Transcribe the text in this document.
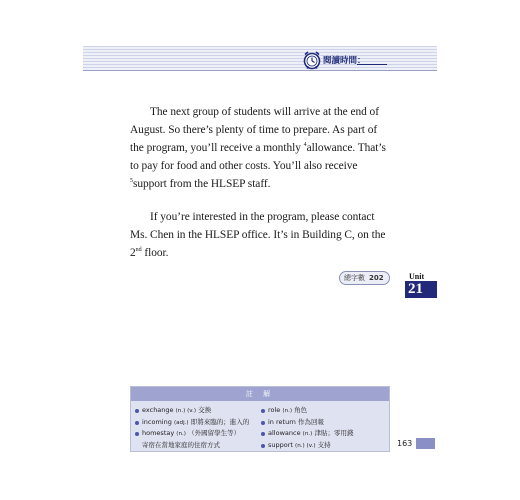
閱讀時間：

The next group of students will arrive at the end of August. So there’s plenty of time to prepare. As part of the program, you’ll receive a monthly $^4$allowance. That’s to pay for food and other costs. You’ll also receive $^5$support from the HLSEP staff.

If you’re interested in the program, please contact Ms. Chen in the HLSEP office. It’s in Building C, on the 2nd floor.

總字數 202	Unit
21
註 解
exchange (n.) (v.) 交換
incoming (adj.) 即將來臨的；進入的
homestay (n.) （外國留學生等）
寄宿在當地家庭的住宿方式
role (n.) 角色
in return 作為回報
allowance (n.) 津貼；零用錢
support (n.) (v.) 支持	163
